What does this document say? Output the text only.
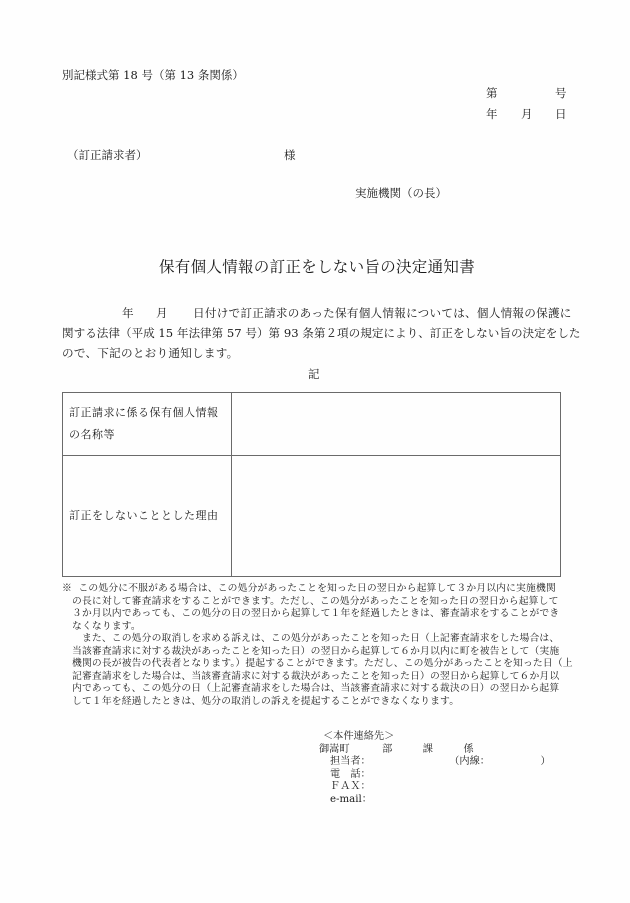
別記様式第 18 号（第 13 条関係）
第	号
年 月 日
（訂正請求者）	様
実施機関（の長）
保有個人情報の訂正をしない旨の決定通知書
年 月 日付けで訂正請求のあった保有個人情報については、個人情報の保護に
関する法律（平成 15 年法律第 57 号）第 93 条第２項の規定により、訂正をしない旨の決定をした
ので、下記のとおり通知します。
記
訂正請求に係る保有個人情報
の名称等	

訂正をしないこととした理由	
※ この処分に不服がある場合は、この処分があったことを知った日の翌日から起算して３か月以内に実施機関
の長に対して審査請求をすることができます。ただし、この処分があったことを知った日の翌日から起算して
３か月以内であっても、この処分の日の翌日から起算して１年を経過したときは、審査請求をすることができ
なくなります。
　また、この処分の取消しを求める訴えは、この処分があったことを知った日（上記審査請求をした場合は、
当該審査請求に対する裁決があったことを知った日）の翌日から起算して６か月以内に町を被告として（実施
機関の長が被告の代表者となります。）提起することができます。ただし、この処分があったことを知った日（上
記審査請求をした場合は、当該審査請求に対する裁決があったことを知った日）の翌日から起算して６か月以
内であっても、この処分の日（上記審査請求をした場合は、当該審査請求に対する裁決の日）の翌日から起算
して１年を経過したときは、処分の取消しの訴えを提起することができなくなります。
＜本件連絡先＞
御嵩町	部	課	係
担当者：	（内線：	）
電　話：
ＦＡＸ：
e-mail：
